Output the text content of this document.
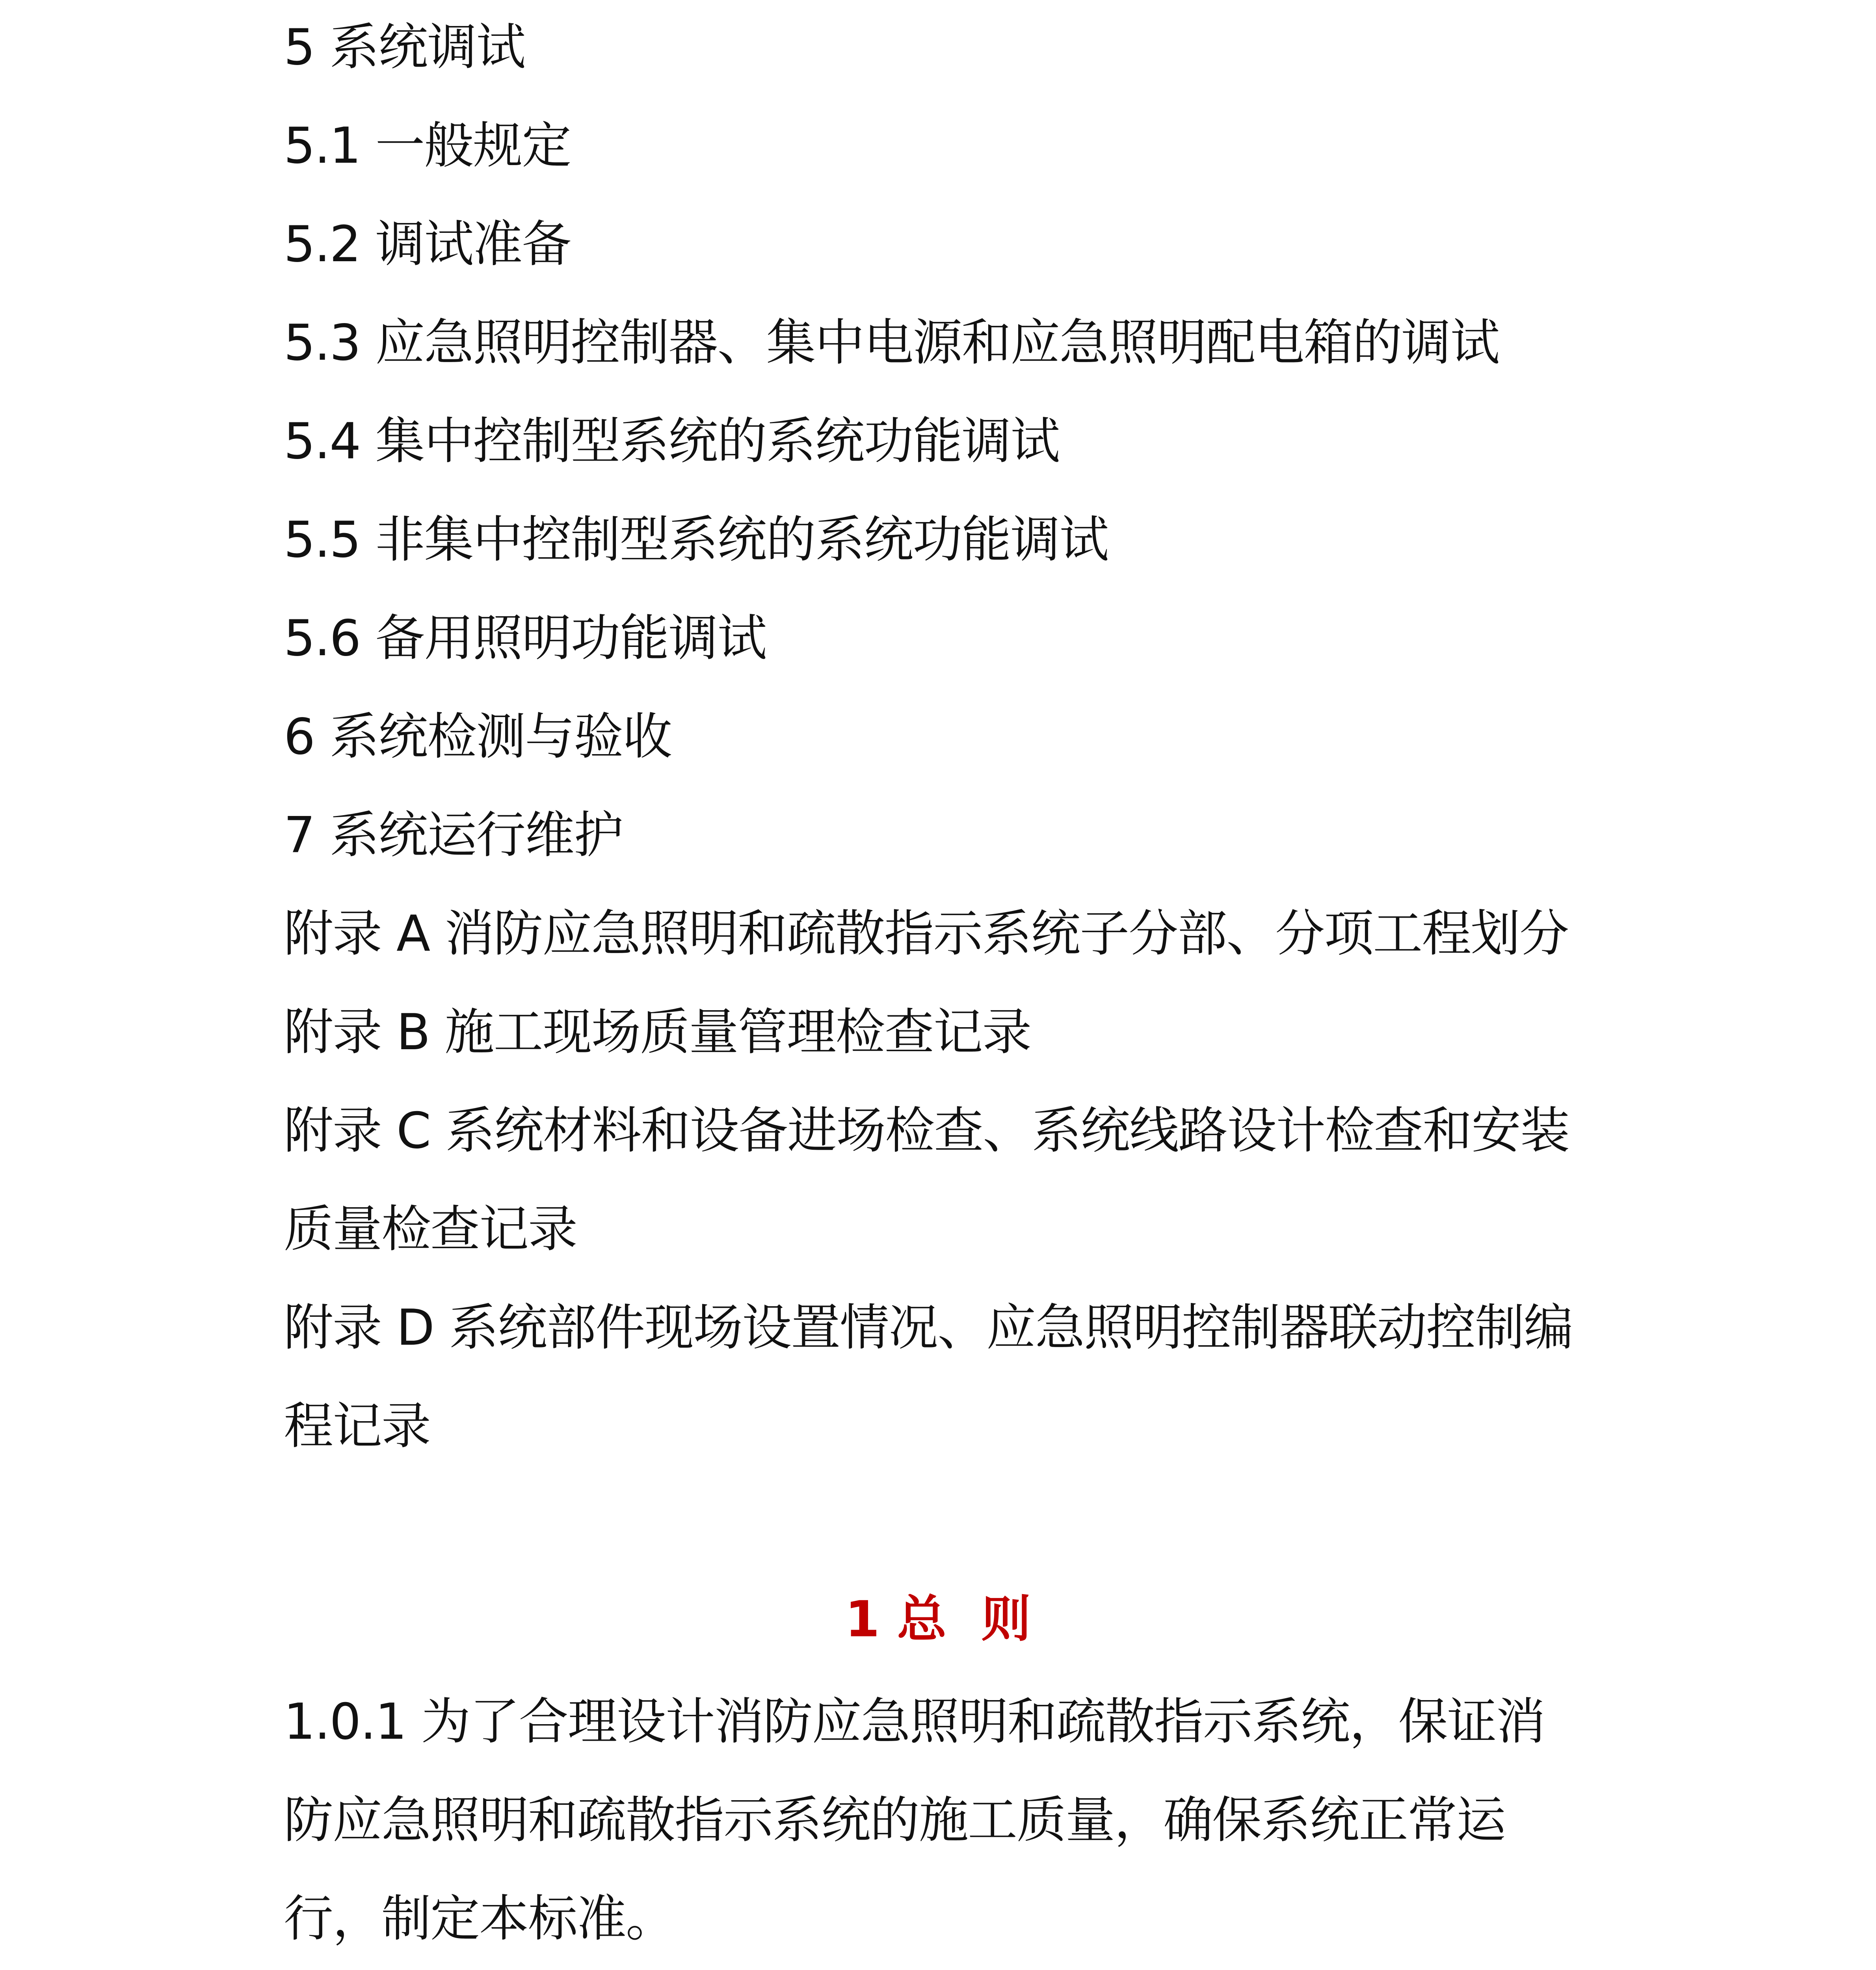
5 系统调试
5.1 一般规定
5.2 调试准备
5.3 应急照明控制器、集中电源和应急照明配电箱的调试
5.4 集中控制型系统的系统功能调试
5.5 非集中控制型系统的系统功能调试
5.6 备用照明功能调试
6 系统检测与验收
7 系统运行维护
附录 A 消防应急照明和疏散指示系统子分部、分项工程划分
附录 B 施工现场质量管理检查记录
附录 C 系统材料和设备进场检查、系统线路设计检查和安装
质量检查记录
附录 D 系统部件现场设置情况、应急照明控制器联动控制编
程记录
1 总  则
1.0.1 为了合理设计消防应急照明和疏散指示系统，保证消
防应急照明和疏散指示系统的施工质量，确保系统正常运
行，制定本标准。
